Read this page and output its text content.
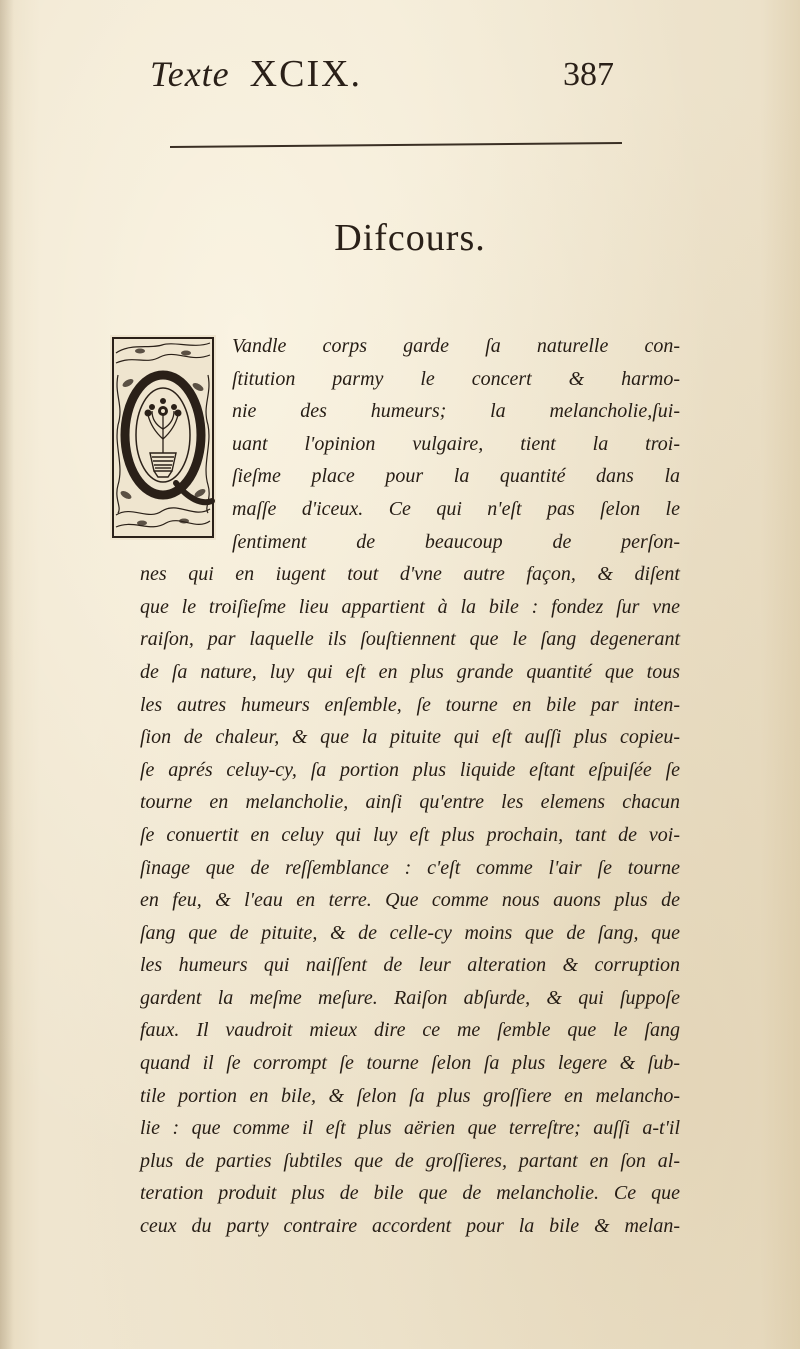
Texte XCIX.	387
Difcours.
Vandle corps garde ſa naturelle con-
ſtitution parmy le concert & harmo-
nie des humeurs; la melancholie,ſui-
uant l'opinion vulgaire, tient la troi-
ſieſme place pour la quantité dans la
maſſe d'iceux. Ce qui n'eſt pas ſelon le
ſentiment de beaucoup de perſon-
nes qui en iugent tout d'vne autre façon, & diſent
que le troiſieſme lieu appartient à la bile : fondez ſur vne
raiſon, par laquelle ils ſouſtiennent que le ſang degenerant
de ſa nature, luy qui eſt en plus grande quantité que tous
les autres humeurs enſemble, ſe tourne en bile par inten-
ſion de chaleur, & que la pituite qui eſt auſſi plus copieu-
ſe aprés celuy-cy, ſa portion plus liquide eſtant eſpuiſée ſe
tourne en melancholie, ainſi qu'entre les elemens chacun
ſe conuertit en celuy qui luy eſt plus prochain, tant de voi-
ſinage que de reſſemblance : c'eſt comme l'air ſe tourne
en feu, & l'eau en terre. Que comme nous auons plus de
ſang que de pituite, & de celle-cy moins que de ſang, que
les humeurs qui naiſſent de leur alteration & corruption
gardent la meſme meſure. Raiſon abſurde, & qui ſuppoſe
faux. Il vaudroit mieux dire ce me ſemble que le ſang
quand il ſe corrompt ſe tourne ſelon ſa plus legere & ſub-
tile portion en bile, & ſelon ſa plus groſſiere en melancho-
lie : que comme il eſt plus aërien que terreſtre; auſſi a-t'il
plus de parties ſubtiles que de groſſieres, partant en ſon al-
teration produit plus de bile que de melancholie. Ce que
ceux du party contraire accordent pour la bile & melan-
